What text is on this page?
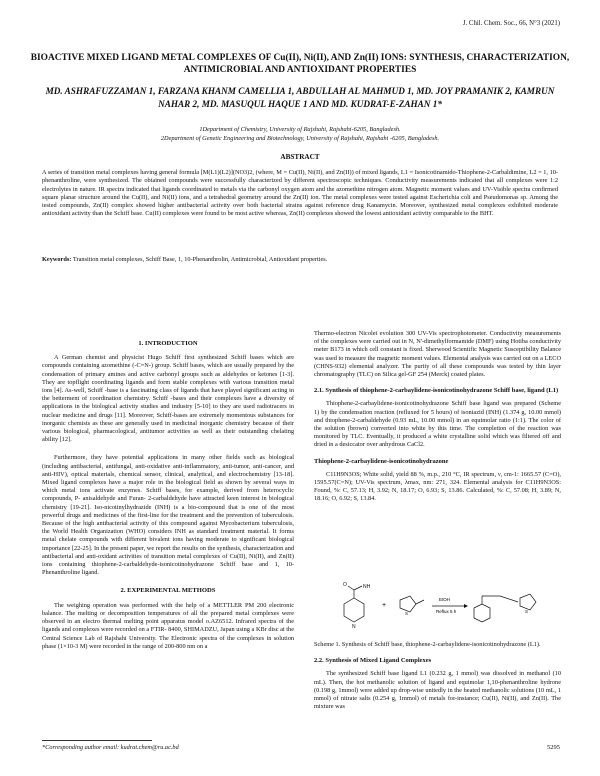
J. Chil. Chem. Soc., 66, N°3 (2021)
BIOACTIVE MIXED LIGAND METAL COMPLEXES OF Cu(II), Ni(II), AND Zn(II) IONS: SYNTHESIS, CHARACTERIZATION, ANTIMICROBIAL AND ANTIOXIDANT PROPERTIES
MD. ASHRAFUZZAMAN 1, FARZANA KHANM CAMELLIA 1, ABDULLAH AL MAHMUD 1, MD. JOY PRAMANIK 2, KAMRUN NAHAR 2, MD. MASUQUL HAQUE 1 AND MD. KUDRAT-E-ZAHAN 1*
1Department of Chemistry, University of Rajshahi, Rajshahi-6205, Bangladesh.
2Department of Genetic Engineering and Biotechnology, University of Rajshahi, Rajshahi -6205, Bangladesh.
ABSTRACT
A series of transition metal complexes having general formula [M(L1)(L2)](NO3)2, (where, M = Cu(II), Ni(II), and Zn(II)) of mixed ligands, L1 = Isonicotinamido-Thiophene-2-Carbaldimine, L2 = 1, 10-phenanthroline, were synthesized. The obtained compounds were successfully characterized by different spectroscopic techniques. Conductivity measurements indicated that all complexes were 1:2 electrolytes in nature. IR spectra indicated that ligands coordinated to metals via the carbonyl oxygen atom and the azomethine nitrogen atom. Magnetic moment values and UV-Visible spectra confirmed square planar structure around the Cu(II), and Ni(II) ions, and a tetrahedral geometry around the Zn(II) ion. The metal complexes were tested against Escherichia coli and Pseudomonas sp. Among the tested compounds, Zn(II) complex showed higher antibacterial activity over both bacterial strains against reference drug Kanamycin. Moreover, synthesized metal complexes exhibited moderate antioxidant activity than the Schiff base. Cu(II) complexes were found to be most active whereas, Zn(II) complexes showed the lowest antioxidant activity comparable to the BHT.
Keywords: Transition metal complexes, Schiff Base, 1, 10-Phenanthrolin, Antimicrobial, Antioxidant properties.
1. INTRODUCTION

A German chemist and physicist Hugo Schiff first synthesized Schiff bases which are compounds containing azomethine (-C=N-) group. Schiff bases, which are usually prepared by the condensation of primary amines and active carbonyl groups such as aldehydes or ketones [1-3]. They are topflight coordinating ligands and form stable complexes with various transition metal ions [4]. As-well, Schiff -base is a fascinating class of ligands that have played significant acting in the betterment of coordination chemistry. Schiff -bases and their complexes have a diversity of applications in the biological activity studies and industry [5-10] to they are used radiotracers in nuclear medicine and drugs [11]. Moreover, Schiff-bases are extremely momentous substances for inorganic chemists as these are generally used in medicinal inorganic chemistry because of their various biological, pharmacological, antitumor activities as well as their outstanding chelating ability [12].

Furthermore, they have potential applications in many other fields such as biological (including antibacterial, antifungal, anti-oxidative anti-inflammatory, anti-tumor, anti-cancer, and anti-HIV), optical materials, chemical sensor, clinical, analytical, and electrochemistry [13-18]. Mixed ligand complexes have a major role in the biological field as shown by several ways in which metal ions activate enzymes. Schiff bases, for example, derived from heterocyclic compounds, P- anisaldehyde and Furan- 2-carbaldehyde have attracted keen interest in biological chemistry [19-21]. Iso-nicotinylhydrazide (INH) is a bio-compound that is one of the most powerful drugs and medicines of the first-line for the treatment and the prevention of tuberculosis. Because of the high antibacterial activity of this compound against Mycobacterium tuberculosis, the World Health Organization (WHO) considers INH as standard treatment material. It forms metal chelate compounds with different bivalent ions having moderate to significant biological importance [22-25]. In the present paper, we report the results on the synthesis, characterization and antibacterial and anti-oxidant activities of transition metal complexes of Cu(II), Ni(II), and Zn(II) ions containing thiophene-2-carbaldehyde-isonicotinohydrazone Schiff base and 1, 10-Phenanthroline ligand.

2. EXPERIMENTAL METHODS

The weighing operation was performed with the help of a METTLER PM 200 electronic balance. The melting or decomposition temperatures of all the prepared metal complexes were observed in an electro thermal melting point apparatus model o.AZ6512. Infrared spectra of the ligands and complexes were recorded on a FTIR- 8400, SHIMADZU, Japan using a KBr disc at the Central Science Lab of Rajshahi University. The Electronic spectra of the complexes in solution phase (1×10-3 M) were recorded in the range of 200-800 nm on a

Thermo-electron Nicolet evolution 300 UV-Vis spectrophotometer. Conductivity measurements of the complexes were carried out in N, N'-dimethylformamide (DMF) using Hotiba conductivity meter B173 in which cell constant is fixed. Sherwood Scientific Magnetic Susceptibility Balance was used to measure the magnetic moment values. Elemental analysis was carried out on a LECO (CHNS-932) elemental analyzer. The purity of all these compounds was tested by thin layer chromatography (TLC) on Silica gel-GF 254 (Merck) coated plates.

2.1. Synthesis of thiophene-2-carbaylidene-isonicotinohydrazone Schiff base, ligand (L1)

Thiophene-2-carbaylidene-isonicotinohydrazone Schiff base ligand was prepared (Scheme 1) by the condensation reaction (refluxed for 5 hours) of isoniazid (INH) (1.374 g, 10.00 mmol) and thiophene-2-carbaldehyde (0.93 mL, 10.00 mmol) in an equimolar ratio (1:1). The color of the solution (brown) converted into white by this time. The completion of the reaction was monitored by TLC. Eventually, it produced a white crystalline solid which was filtered off and dried in a desiccator over anhydrous CaCl2.

Thiophene-2-carbaylidene-isonicotinohydrazone

C11H9N3OS; White solid, yield 88 %, m.p., 210 °C, IR spectrum, ν, cm-1: 1665.57 (C=O), 1595.57(C=N); UV-Vis spectrum, λmax, nm: 271, 324. Elemental analysis for C11H9N3OS: Found, %: C, 57.13; H, 3.92; N, 18.17; O, 6.93; S, 13.86. Calculated, %: C, 57.08; H, 3.89; N, 18.16; O, 6.92; S, 13.84.

N
NH
O
+
S
EtOH
Reflux 5 h	S

Scheme 1. Synthesis of Schiff base, thiophene-2-carbaylidene-isonicotinohydrazone (L1).

2.2. Synthesis of Mixed Ligand Complexes

The synthesized Schiff base ligand L1 (0.232 g, 1 mmol) was dissolved in methanol (10 mL). Then, the hot methanolic solution of ligand and equimolar 1,10-phenanthroline hydrone (0.198 g, 1mmol) were added up drop-wise unitedly in the heated methanolic solutions (10 mL, 1 mmol) of nitrate salts (0.254 g, 1mmol) of metals for-instance; Cu(II), Ni(II), and Zn(II). The mixture was

*Corresponding author email: kudrat.chem@ru.ac.bd	5295
